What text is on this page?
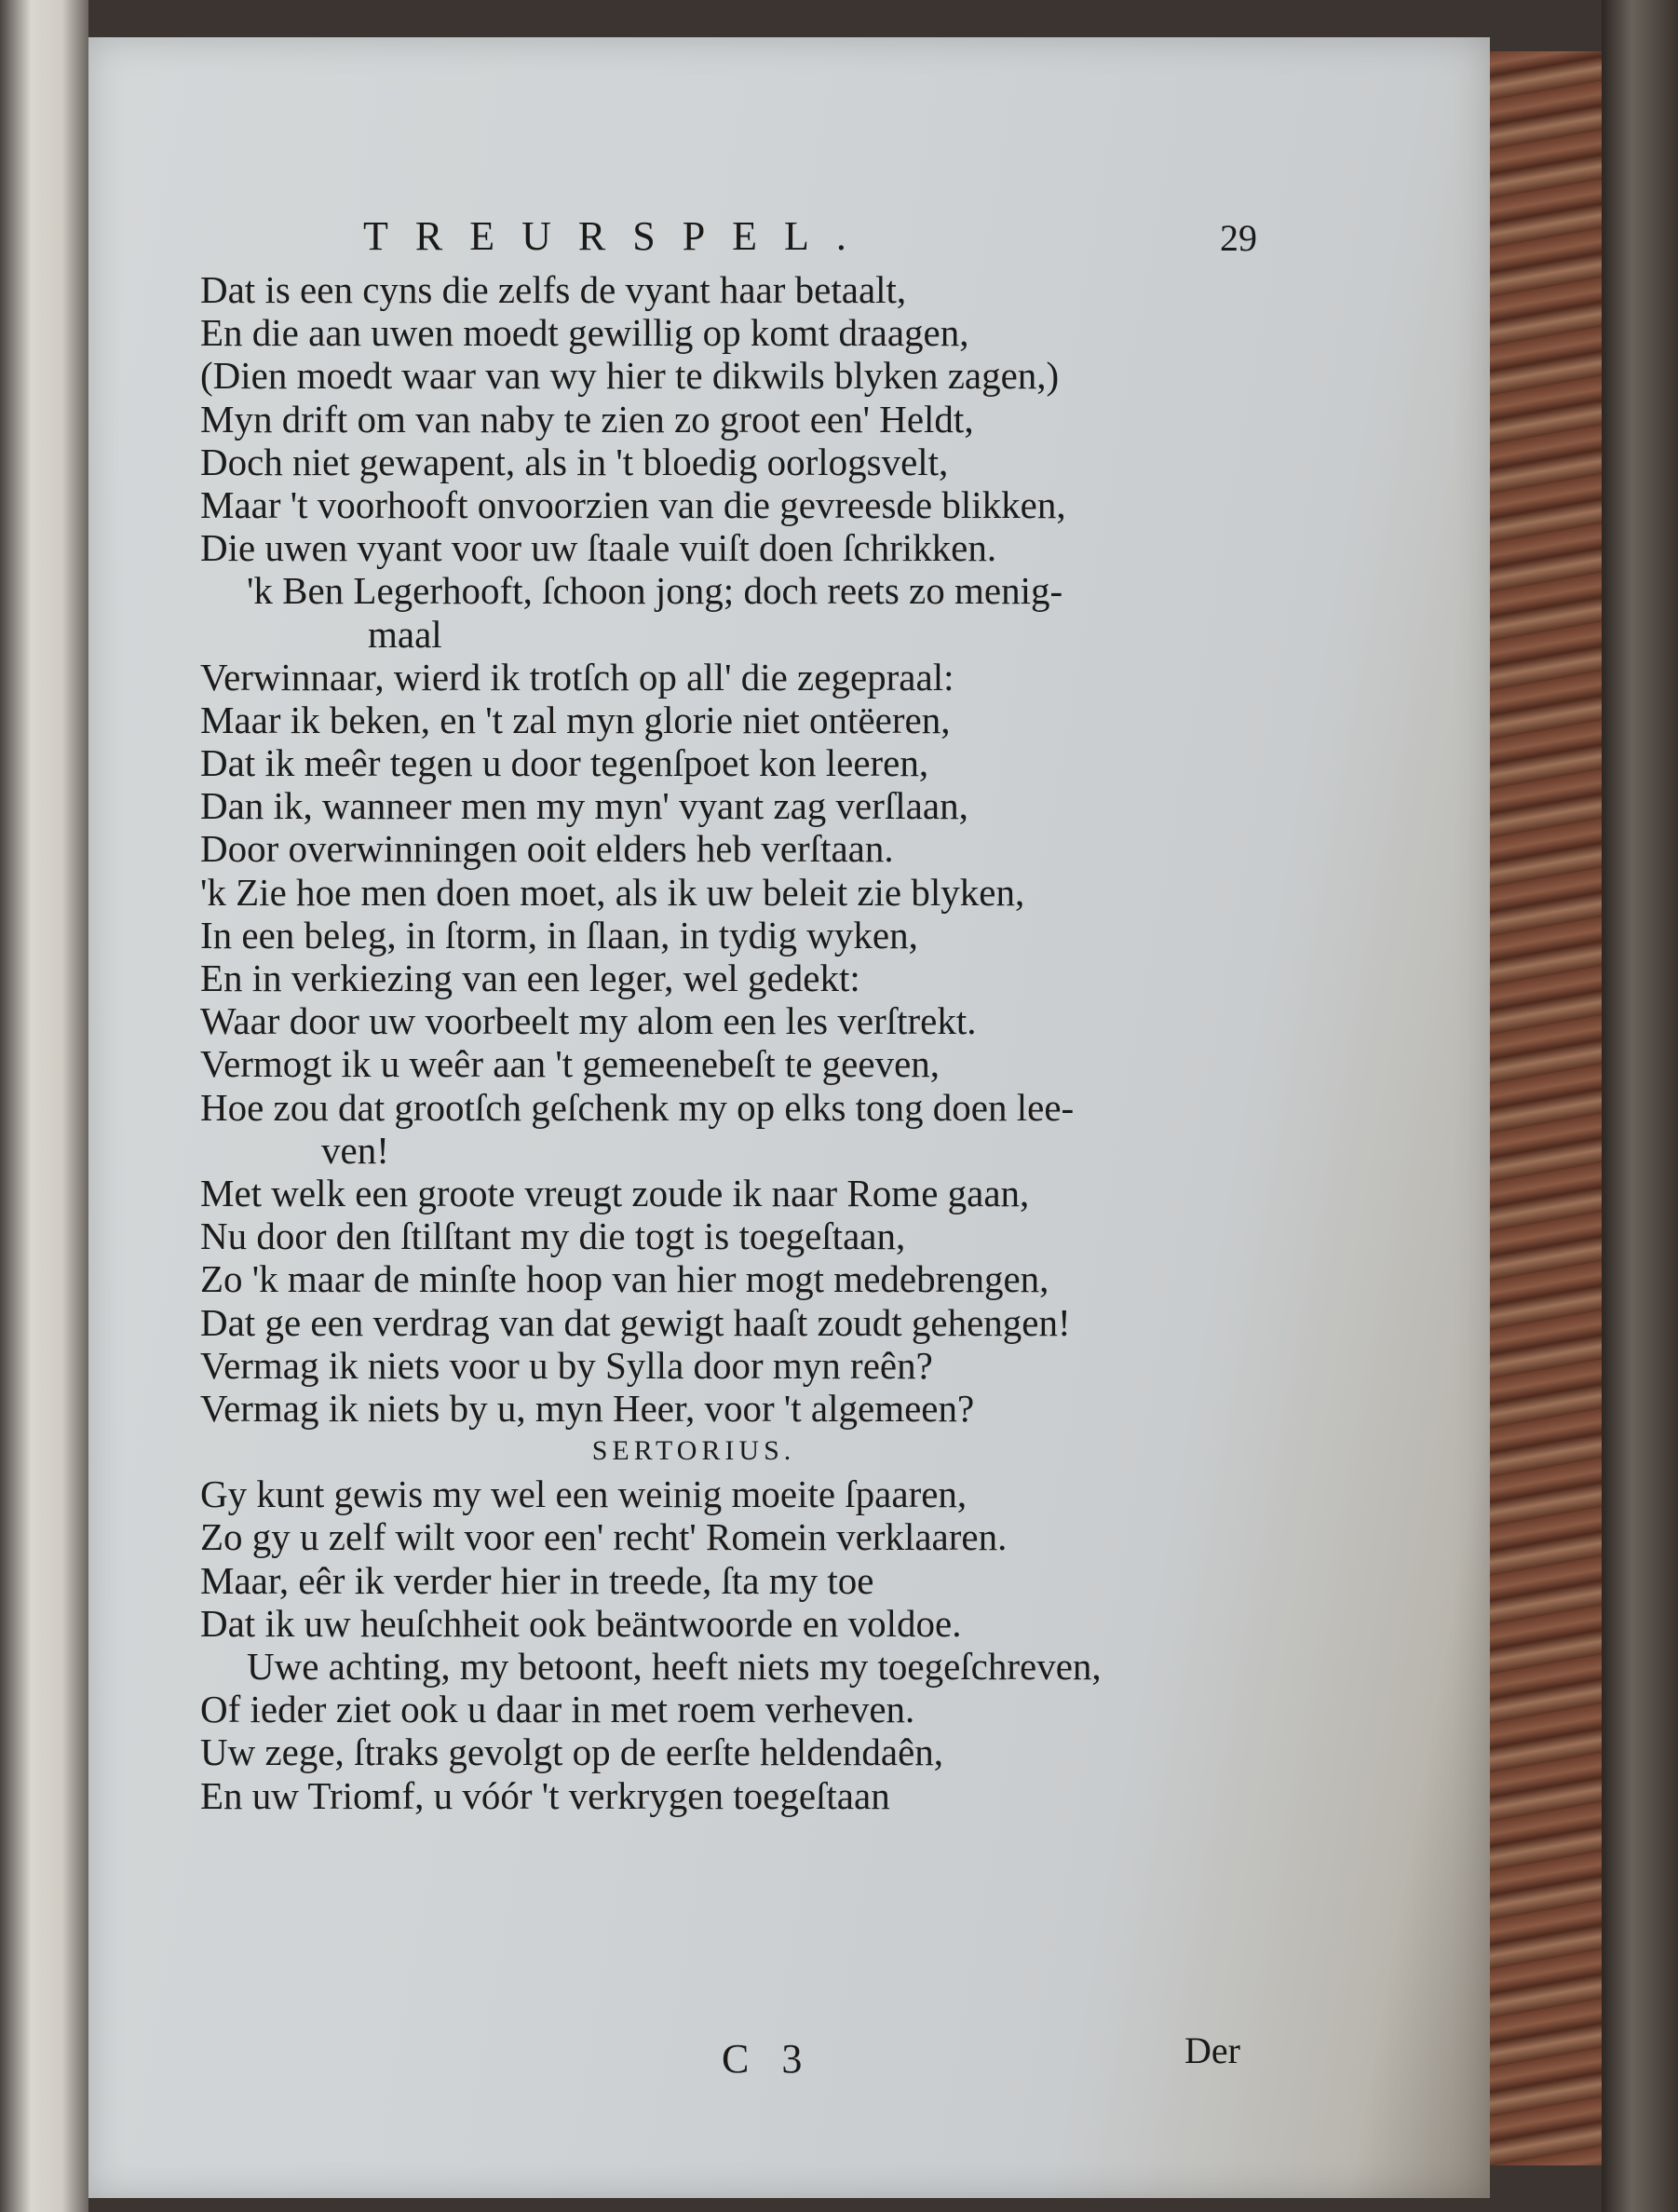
TREURSPEL.	29
Dat is een cyns die zelfs de vyant haar betaalt,
En die aan uwen moedt gewillig op komt draagen,
(Dien moedt waar van wy hier te dikwils blyken zagen,)
Myn drift om van naby te zien zo groot een' Heldt,
Doch niet gewapent, als in 't bloedig oorlogsvelt,
Maar 't voorhooft onvoorzien van die gevreesde blikken,
Die uwen vyant voor uw ſtaale vuiſt doen ſchrikken.
'k Ben Legerhooft, ſchoon jong; doch reets zo menig-
maal
Verwinnaar, wierd ik trotſch op all' die zegepraal:
Maar ik beken, en 't zal myn glorie niet ontëeren,
Dat ik meêr tegen u door tegenſpoet kon leeren,
Dan ik, wanneer men my myn' vyant zag verſlaan,
Door overwinningen ooit elders heb verſtaan.
'k Zie hoe men doen moet, als ik uw beleit zie blyken,
In een beleg, in ſtorm, in ſlaan, in tydig wyken,
En in verkiezing van een leger, wel gedekt:
Waar door uw voorbeelt my alom een les verſtrekt.
Vermogt ik u weêr aan 't gemeenebeſt te geeven,
Hoe zou dat grootſch geſchenk my op elks tong doen lee-
ven!
Met welk een groote vreugt zoude ik naar Rome gaan,
Nu door den ſtilſtant my die togt is toegeſtaan,
Zo 'k maar de minſte hoop van hier mogt medebrengen,
Dat ge een verdrag van dat gewigt haaſt zoudt gehengen!
Vermag ik niets voor u by Sylla door myn reên?
Vermag ik niets by u, myn Heer, voor 't algemeen?
SERTORIUS.
Gy kunt gewis my wel een weinig moeite ſpaaren,
Zo gy u zelf wilt voor een' recht' Romein verklaaren.
Maar, eêr ik verder hier in treede, ſta my toe
Dat ik uw heuſchheit ook beäntwoorde en voldoe.
Uwe achting, my betoont, heeft niets my toegeſchreven,
Of ieder ziet ook u daar in met roem verheven.
Uw zege, ſtraks gevolgt op de eerſte heldendaên,
En uw Triomf, u vóór 't verkrygen toegeſtaan
C 3	Der
